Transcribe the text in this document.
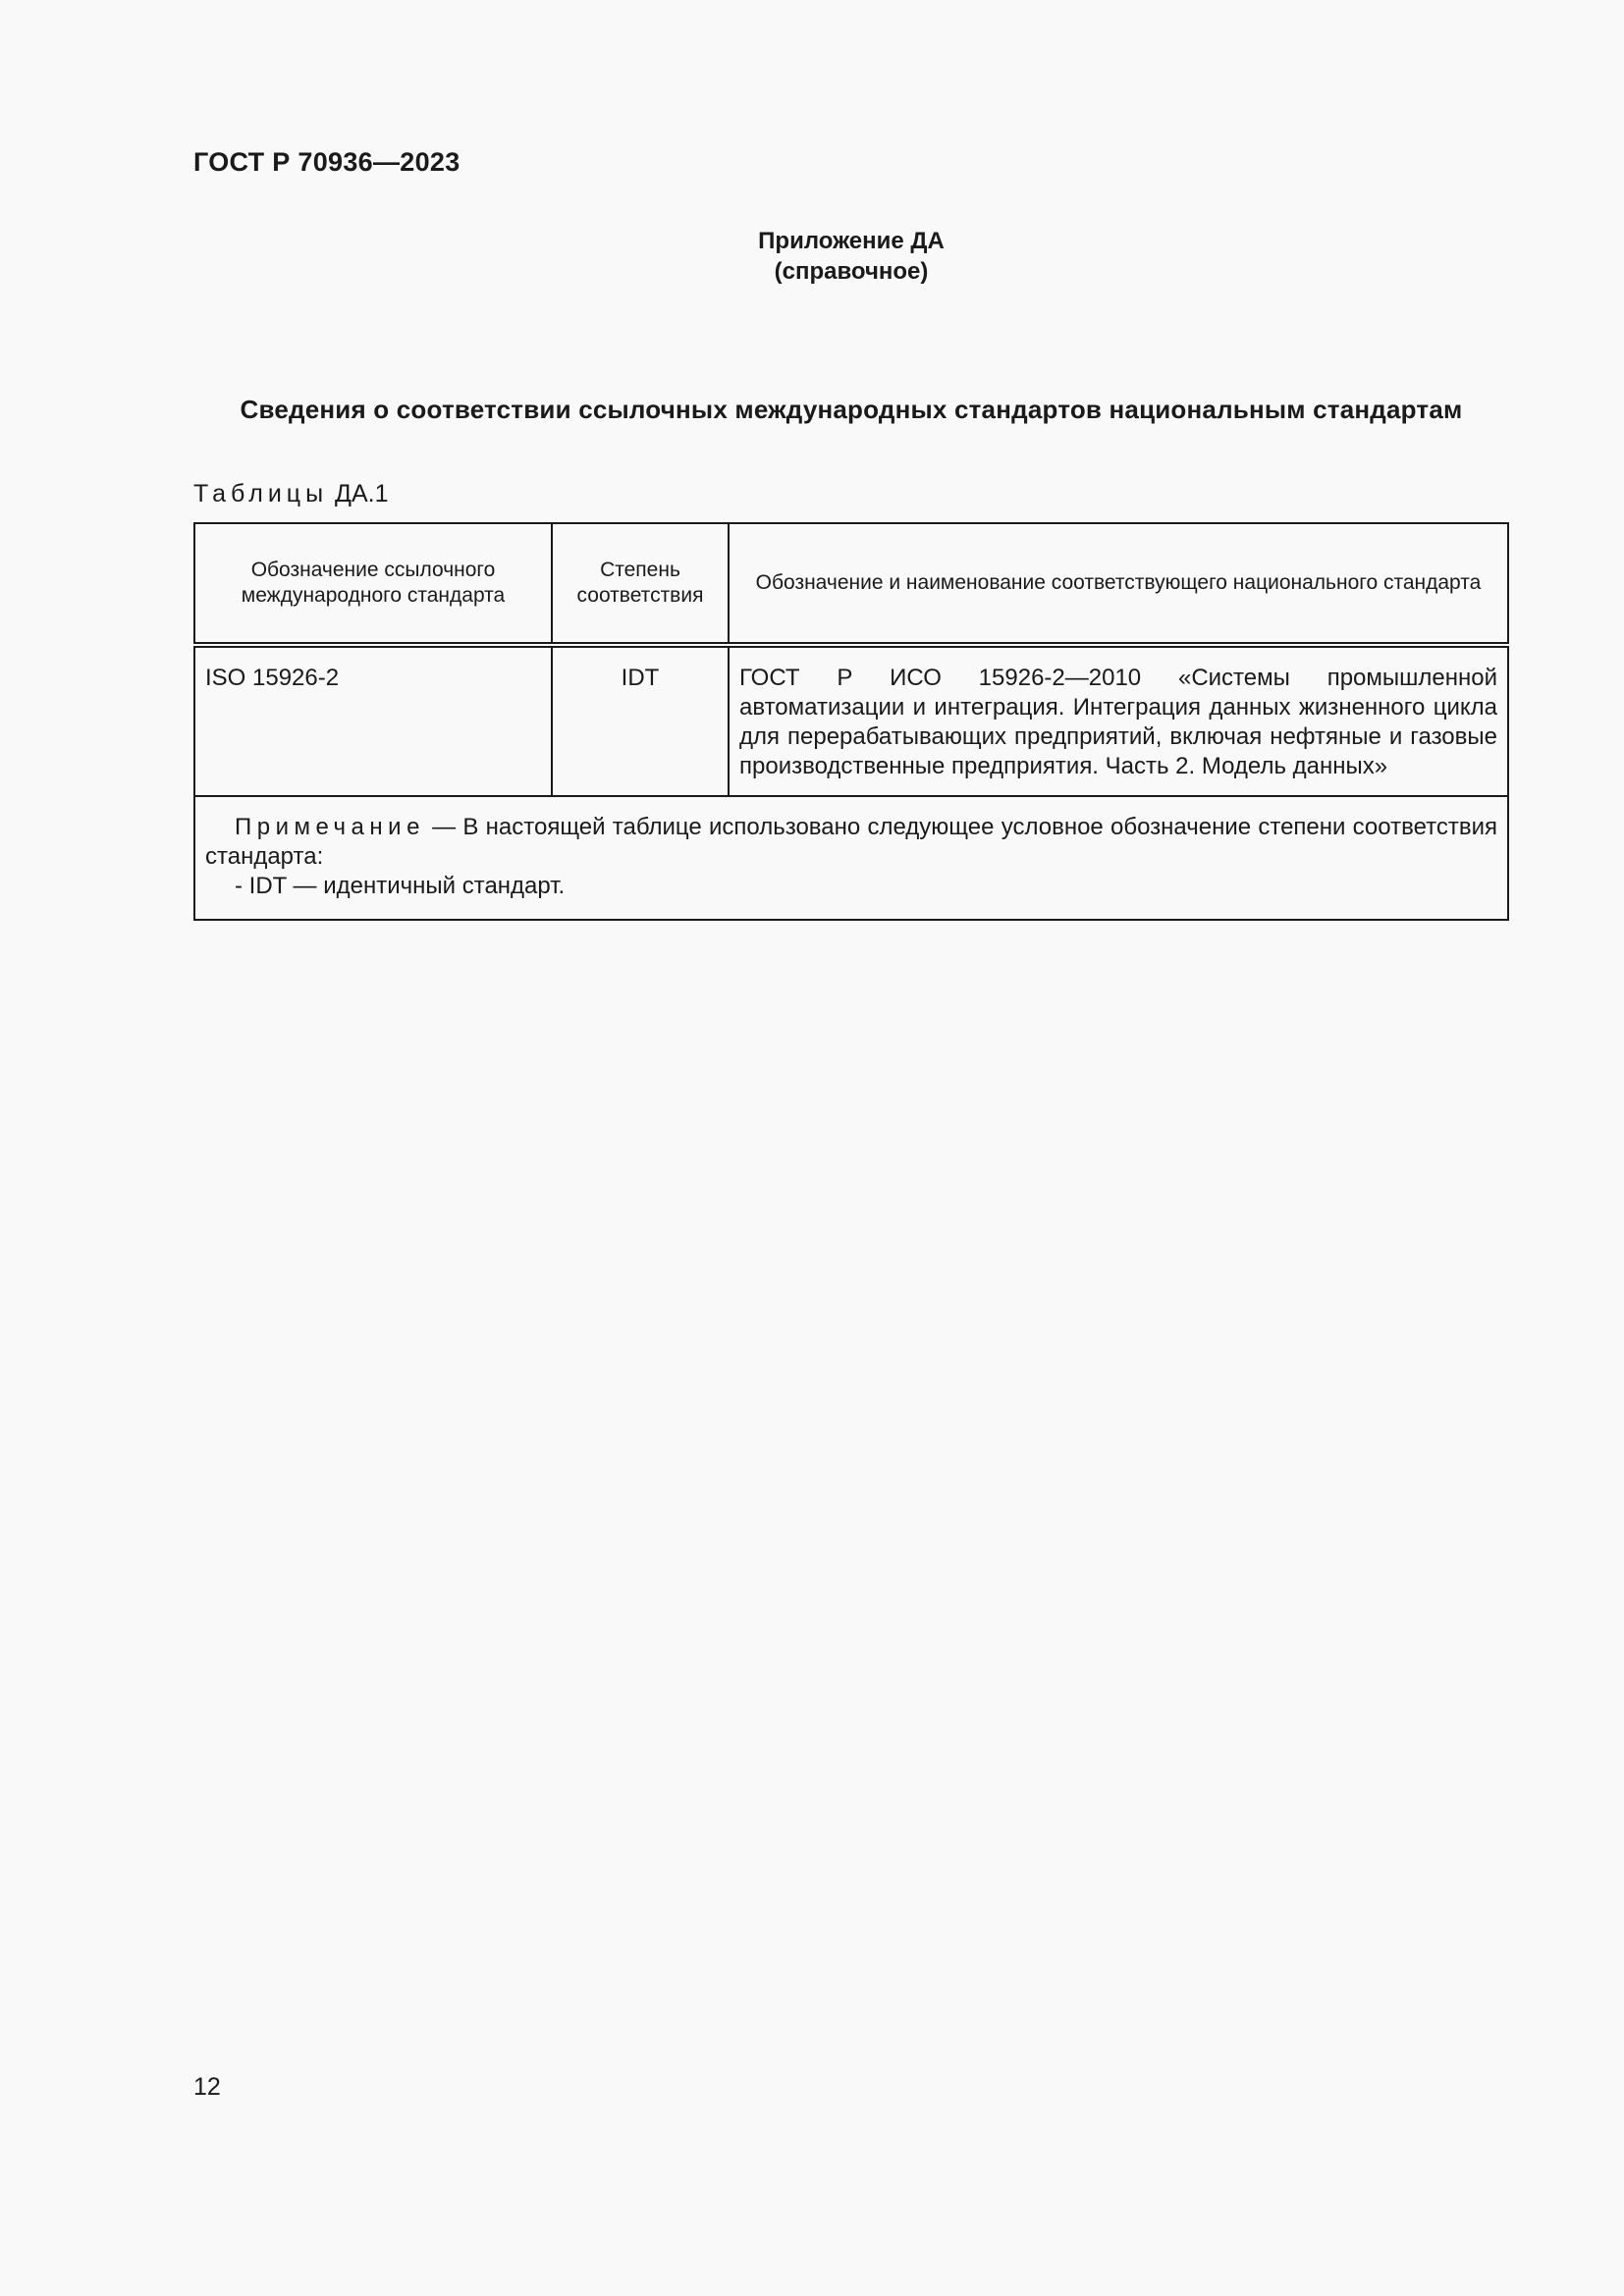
ГОСТ Р 70936—2023
Приложение ДА
(справочное)
Сведения о соответствии ссылочных международных стандартов национальным стандартам
Таблицы ДА.1
Обозначение ссылочного международного стандарта	Степень соответствия	Обозначение и наименование соответствующего национального стандарта
ISO 15926-2	IDT	ГОСТ Р ИСО 15926-2—2010 «Системы промышленной автоматизации и интеграция. Интеграция данных жизненного цикла для перерабатывающих предприятий, включая нефтяные и газовые производственные предприятия. Часть 2. Модель данных»

Примечание — В настоящей таблице использовано следующее условное обозначение степени соответствия стандарта:
- IDT — идентичный стандарт.		
12
